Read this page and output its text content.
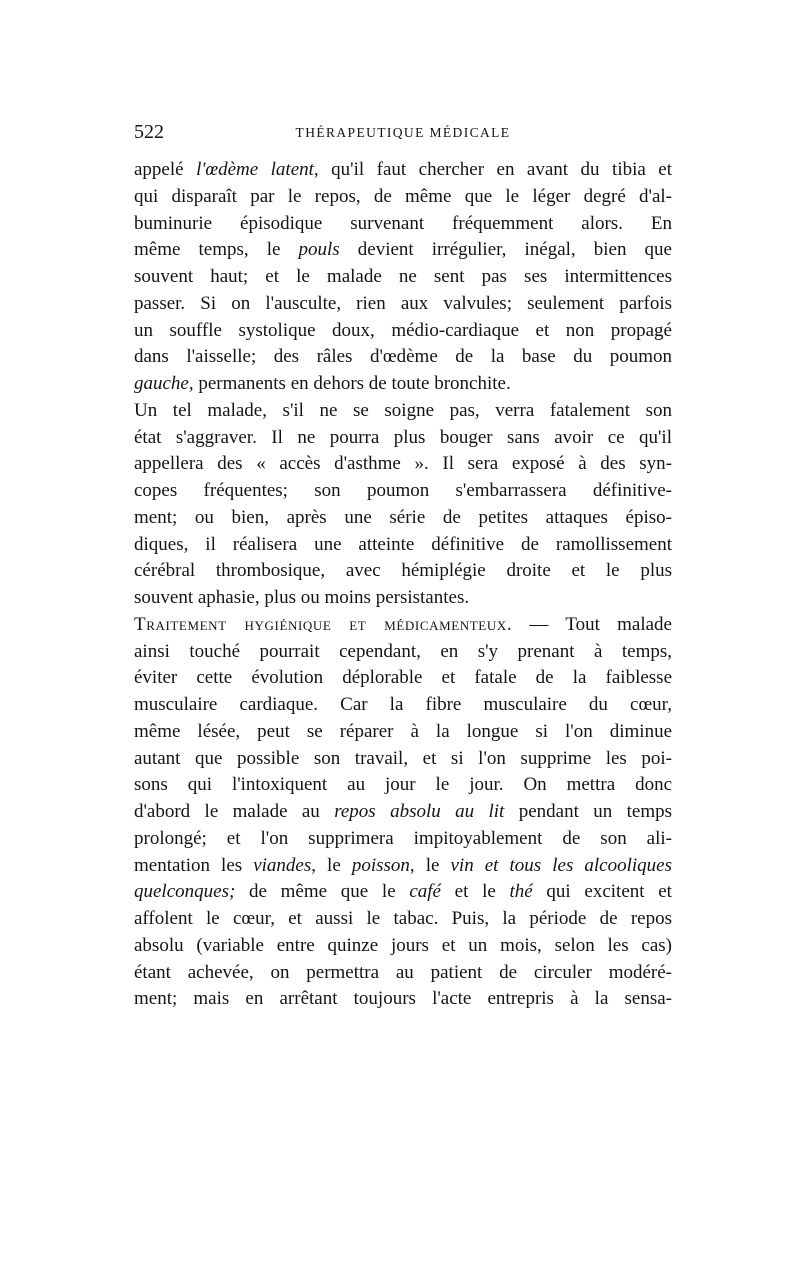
522	THÉRAPEUTIQUE MÉDICALE
appelé l'œdème latent, qu'il faut chercher en avant du tibia et
qui disparaît par le repos, de même que le léger degré d'al-
buminurie épisodique survenant fréquemment alors. En
même temps, le pouls devient irrégulier, inégal, bien que
souvent haut; et le malade ne sent pas ses intermittences
passer. Si on l'ausculte, rien aux valvules; seulement parfois
un souffle systolique doux, médio-cardiaque et non propagé
dans l'aisselle; des râles d'œdème de la base du poumon
gauche, permanents en dehors de toute bronchite.
Un tel malade, s'il ne se soigne pas, verra fatalement son
état s'aggraver. Il ne pourra plus bouger sans avoir ce qu'il
appellera des « accès d'asthme ». Il sera exposé à des syn-
copes fréquentes; son poumon s'embarrassera définitive-
ment; ou bien, après une série de petites attaques épiso-
diques, il réalisera une atteinte définitive de ramollissement
cérébral thrombosique, avec hémiplégie droite et le plus
souvent aphasie, plus ou moins persistantes.
Traitement hygiénique et médicamenteux. — Tout malade
ainsi touché pourrait cependant, en s'y prenant à temps,
éviter cette évolution déplorable et fatale de la faiblesse
musculaire cardiaque. Car la fibre musculaire du cœur,
même lésée, peut se réparer à la longue si l'on diminue
autant que possible son travail, et si l'on supprime les poi-
sons qui l'intoxiquent au jour le jour. On mettra donc
d'abord le malade au repos absolu au lit pendant un temps
prolongé; et l'on supprimera impitoyablement de son ali-
mentation les viandes, le poisson, le vin et tous les alcooliques
quelconques; de même que le café et le thé qui excitent et
affolent le cœur, et aussi le tabac. Puis, la période de repos
absolu (variable entre quinze jours et un mois, selon les cas)
étant achevée, on permettra au patient de circuler modéré-
ment; mais en arrêtant toujours l'acte entrepris à la sensa-
